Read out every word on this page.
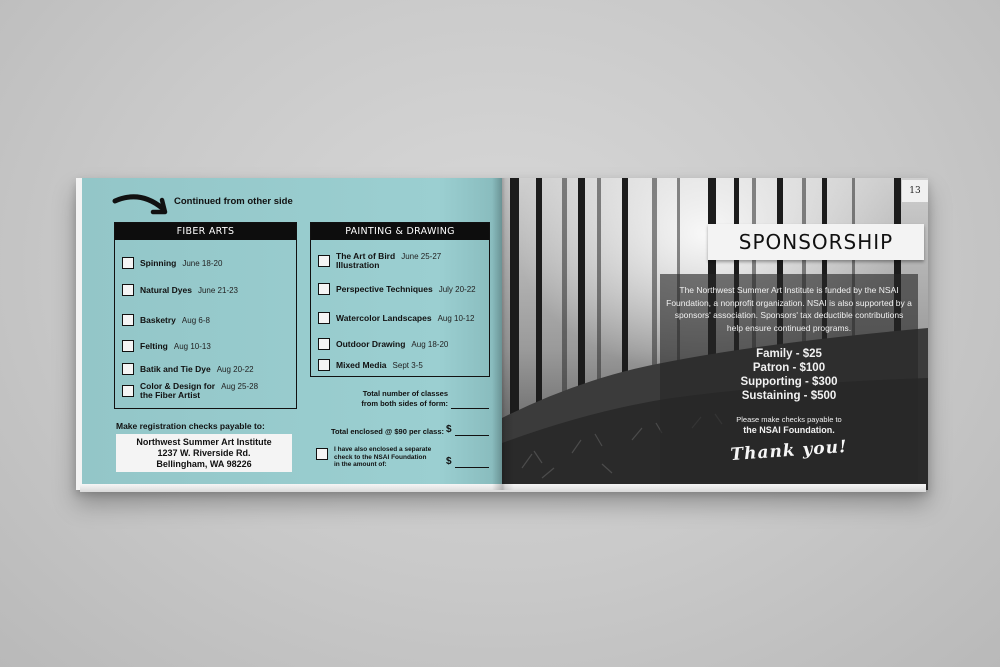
Continued from other side
FIBER ARTS
Spinning June 18-20
Natural Dyes June 21-23
Basketry Aug 6-8
Felting Aug 10-13
Batik and Tie Dye Aug 20-22
Color & Design for
the Fiber Artist
Aug 25-28
PAINTING & DRAWING
The Art of Bird
Illustration
June 25-27
Perspective Techniques July 20-22
Watercolor Landscapes Aug 10-12
Outdoor Drawing Aug 18-20
Mixed Media Sept 3-5
Make registration checks payable to:
Northwest Summer Art Institute
1237 W. Riverside Rd.
Bellingham, WA 98226
Total number of classes
from both sides of form:
Total enclosed @ $90 per class: $
I have also enclosed a separate
check to the NSAI Foundation
in the amount of:	$
13
SPONSORSHIP
The Northwest Summer Art Institute is funded by the NSAI Foundation, a nonprofit organization. NSAI is also supported by a sponsors' association. Sponsors' tax deductible contributions help ensure continued programs.
Family - $25
Patron - $100
Supporting - $300
Sustaining - $500
Please make checks payable to
the NSAI Foundation.
Thank you!
